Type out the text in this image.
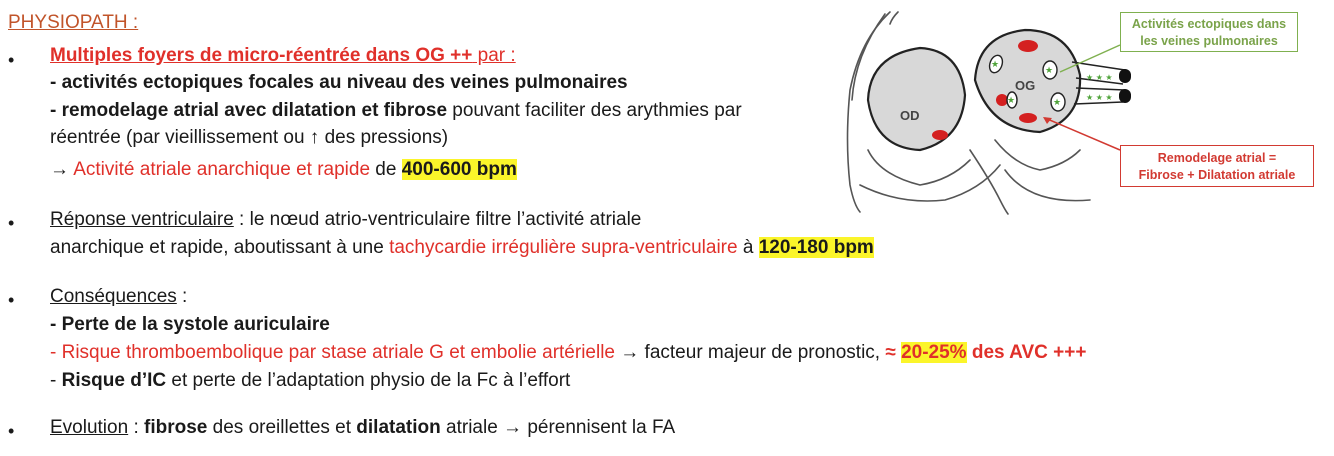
PHYSIOPATH :
• Multiples foyers de micro-réentrée dans OG ++ par :
- activités ectopiques focales au niveau des veines pulmonaires
- remodelage atrial avec dilatation et fibrose pouvant faciliter des arythmies par
réentrée (par vieillissement ou ↑ des pressions)
→ Activité atriale anarchique et rapide de 400-600 bpm
• Réponse ventriculaire : le nœud atrio-ventriculaire filtre l’activité atriale
anarchique et rapide, aboutissant à une tachycardie irrégulière supra-ventriculaire à 120-180 bpm
• Conséquences :
- Perte de la systole auriculaire
- Risque thromboembolique par stase atriale G et embolie artérielle → facteur majeur de pronostic, ≈ 20-25% des AVC +++
- Risque d’IC et perte de l’adaptation physio de la Fc à l’effort
• Evolution : fibrose des oreillettes et dilatation atriale → pérennisent la FA
OD
OG
★
★
★
★
★ ★ ★
★ ★ ★
Activités ectopiques dans
les veines pulmonaires
Remodelage atrial =
Fibrose + Dilatation atriale
